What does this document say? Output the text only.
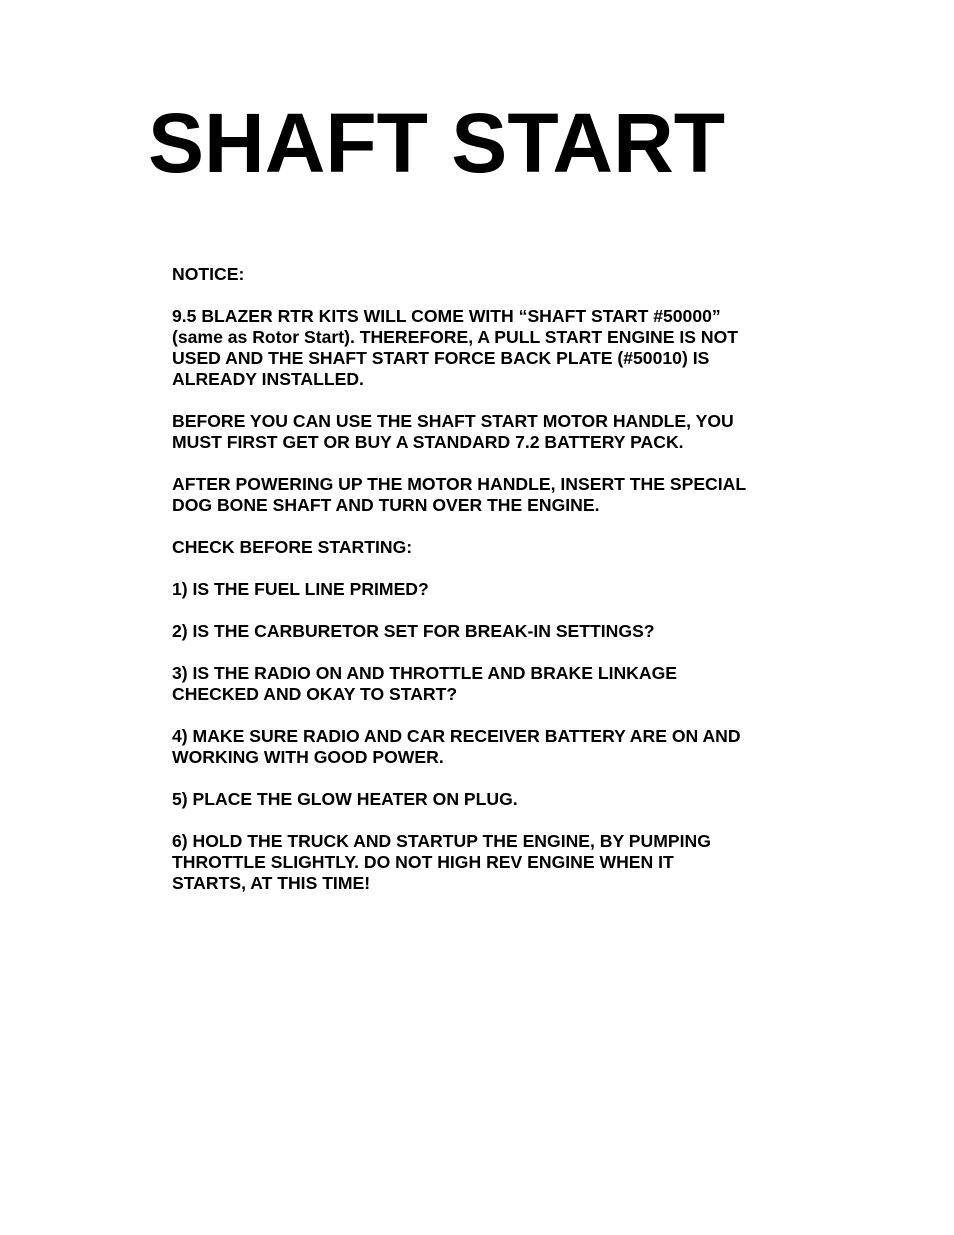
SHAFT START

NOTICE:

9.5 BLAZER RTR KITS WILL COME WITH “SHAFT START #50000”
(same as Rotor Start). THEREFORE, A PULL START ENGINE IS NOT
USED AND THE SHAFT START FORCE BACK PLATE (#50010) IS
ALREADY INSTALLED.

BEFORE YOU CAN USE THE SHAFT START MOTOR HANDLE, YOU
MUST FIRST GET OR BUY A STANDARD 7.2 BATTERY PACK.

AFTER POWERING UP THE MOTOR HANDLE, INSERT THE SPECIAL
DOG BONE SHAFT AND TURN OVER THE ENGINE.

CHECK BEFORE STARTING:

1) IS THE FUEL LINE PRIMED?

2) IS THE CARBURETOR SET FOR BREAK-IN SETTINGS?

3) IS THE RADIO ON AND THROTTLE AND BRAKE LINKAGE
CHECKED AND OKAY TO START?

4) MAKE SURE RADIO AND CAR RECEIVER BATTERY ARE ON AND
WORKING WITH GOOD POWER.

5) PLACE THE GLOW HEATER ON PLUG.

6) HOLD THE TRUCK AND STARTUP THE ENGINE, BY PUMPING
THROTTLE SLIGHTLY. DO NOT HIGH REV ENGINE WHEN IT
STARTS, AT THIS TIME!
